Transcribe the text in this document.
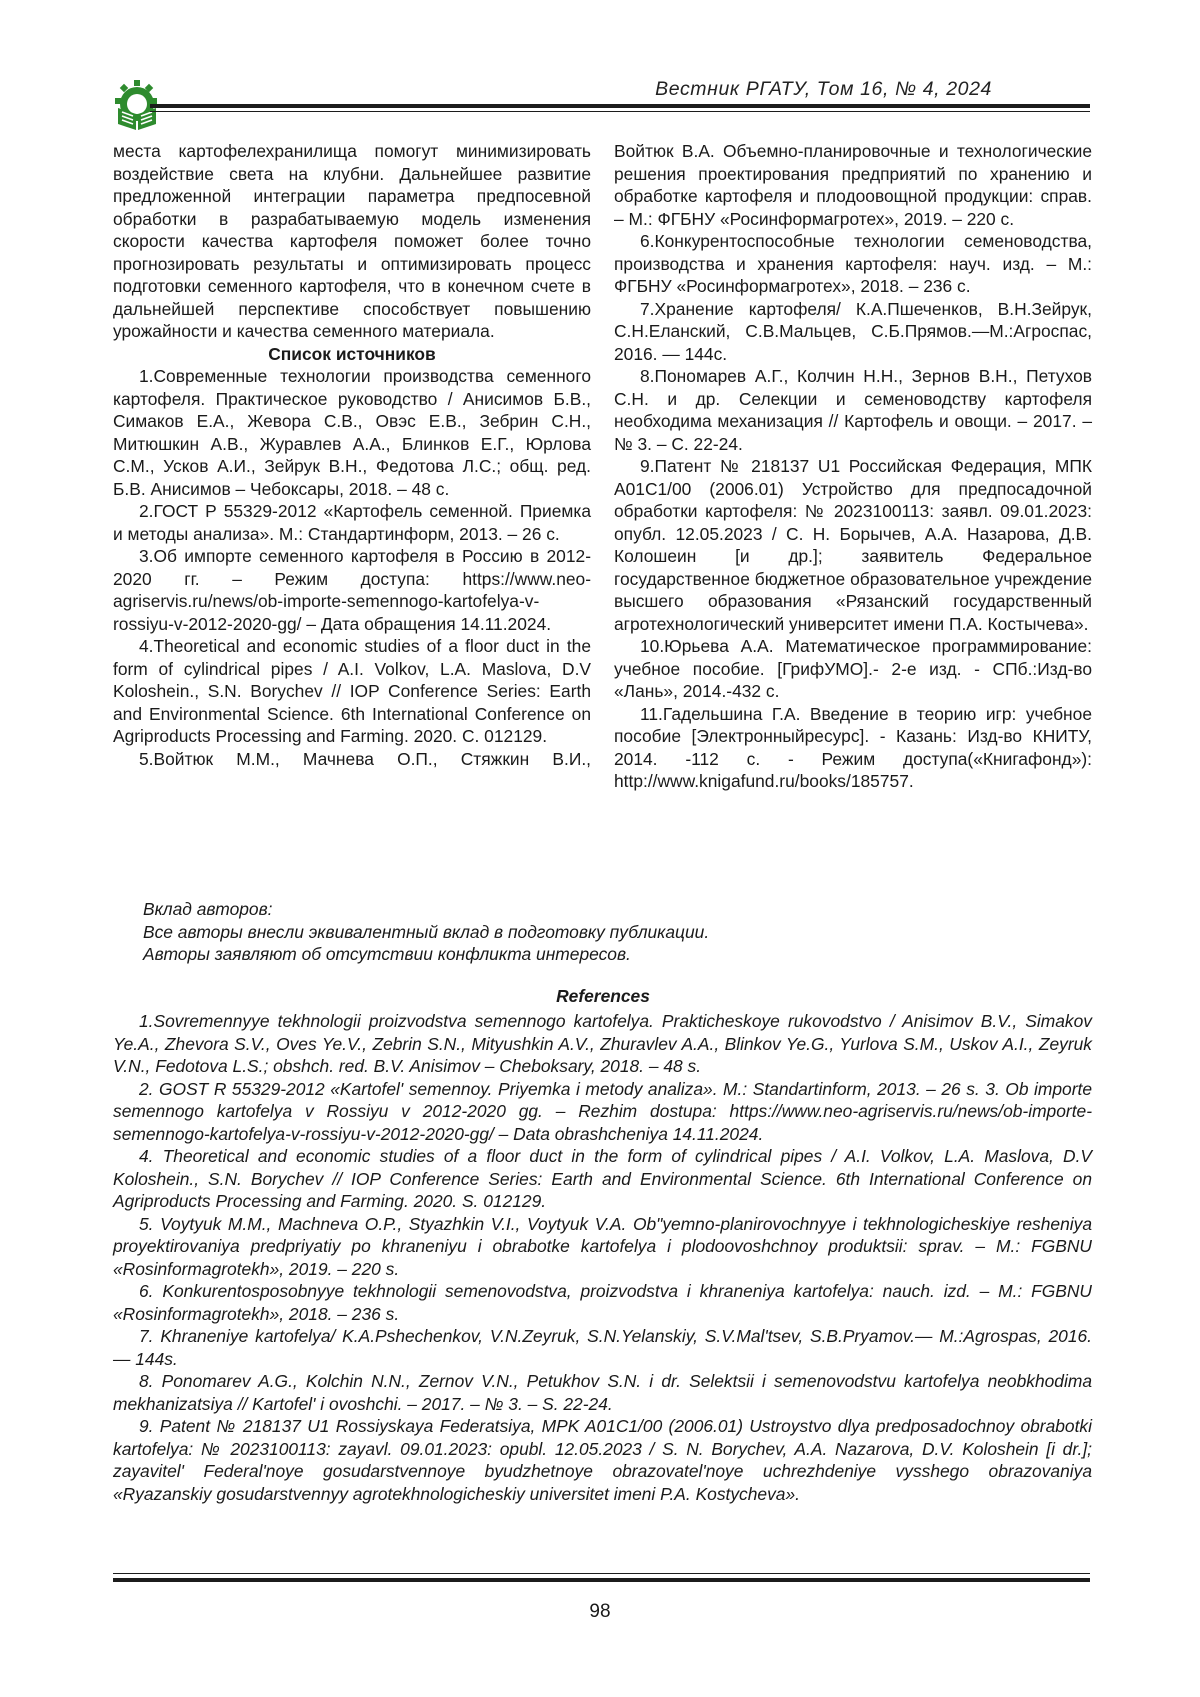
Вестник РГАТУ, Том 16, № 4, 2024

места картофелехранилища помогут минимизировать воздействие света на клубни. Дальнейшее развитие предложенной интеграции параметра предпосевной обработки в разрабатываемую модель изменения скорости качества картофеля поможет более точно прогнозировать результаты и оптимизировать процесс подготовки семенного картофеля, что в конечном счете в дальнейшей перспективе способствует повышению урожайности и качества семенного материала.

Список источников

1.Современные технологии производства семенного картофеля. Практическое руководство / Анисимов Б.В., Симаков Е.А., Жевора С.В., Овэс Е.В., Зебрин С.Н., Митюшкин А.В., Журавлев А.А., Блинков Е.Г., Юрлова С.М., Усков А.И., Зейрук В.Н., Федотова Л.С.; общ. ред. Б.В. Анисимов – Чебоксары, 2018. – 48 с.

2.ГОСТ Р 55329-2012 «Картофель семенной. Приемка и методы анализа». М.: Стандартинформ, 2013. – 26 с.

3.Об импорте семенного картофеля в Россию в 2012-2020 гг. – Режим доступа: https://www.neo-agriservis.ru/news/ob-importe-semennogo-kartofelya-v-rossiyu-v-2012-2020-gg/ – Дата обращения 14.11.2024.

4.Theoretical and economic studies of a floor duct in the form of cylindrical pipes / A.I. Volkov, L.A. Maslova, D.V Koloshein., S.N. Borychev // IOP Conference Series: Earth and Environmental Science. 6th International Conference on Agriproducts Processing and Farming. 2020. С. 012129.

5.Войтюк М.М., Мачнева О.П., Стяжкин В.И.,

Войтюк В.А. Объемно-планировочные и технологические решения проектирования предприятий по хранению и обработке картофеля и плодоовощной продукции: справ. – М.: ФГБНУ «Росинформагротех», 2019. – 220 с.

6.Конкурентоспособные технологии семеноводства, производства и хранения картофеля: науч. изд. – М.: ФГБНУ «Росинформагротех», 2018. – 236 с.

7.Хранение картофеля/ К.А.Пшеченков, В.Н.Зейрук, С.Н.Еланский, С.В.Мальцев, С.Б.Прямов.—М.:Агроспас, 2016. — 144с.

8.Пономарев А.Г., Колчин Н.Н., Зернов В.Н., Петухов С.Н. и др. Селекции и семеноводству картофеля необходима механизация // Картофель и овощи. – 2017. – № 3. – С. 22-24.

9.Патент № 218137 U1 Российская Федерация, МПК A01C1/00 (2006.01) Устройство для предпосадочной обработки картофеля: № 2023100113: заявл. 09.01.2023: опубл. 12.05.2023 / С. Н. Борычев, А.А. Назарова, Д.В. Колошеин [и др.]; заявитель Федеральное государственное бюджетное образовательное учреждение высшего образования «Рязанский государственный агротехнологический университет имени П.А. Костычева».

10.Юрьева А.А. Математическое программирование: учебное пособие. [ГрифУМО].- 2-е изд. - СПб.:Изд-во «Лань», 2014.-432 с.

11.Гадельшина Г.А. Введение в теорию игр: учебное пособие [Электронныйресурс]. - Казань: Изд-во КНИТУ, 2014. -112 с. - Режим доступа(«Книгафонд»): http://www.knigafund.ru/books/185757.

Вклад авторов:

Все авторы внесли эквивалентный вклад в подготовку публикации.

Авторы заявляют об отсутствии конфликта интересов.

References

1.Sovremennyye tekhnologii proizvodstva semennogo kartofelya. Prakticheskoye rukovodstvo / Anisimov B.V., Simakov Ye.A., Zhevora S.V., Oves Ye.V., Zebrin S.N., Mityushkin A.V., Zhuravlev A.A., Blinkov Ye.G., Yurlova S.M., Uskov A.I., Zeyruk V.N., Fedotova L.S.; obshch. red. B.V. Anisimov – Cheboksary, 2018. – 48 s.

2. GOST R 55329-2012 «Kartofel' semennoy. Priyemka i metody analiza». M.: Standartinform, 2013. – 26 s. 3. Ob importe semennogo kartofelya v Rossiyu v 2012-2020 gg. – Rezhim dostupa: https://www.neo-agriservis.ru/news/ob-importe-semennogo-kartofelya-v-rossiyu-v-2012-2020-gg/ – Data obrashcheniya 14.11.2024.

4. Theoretical and economic studies of a floor duct in the form of cylindrical pipes / A.I. Volkov, L.A. Maslova, D.V Koloshein., S.N. Borychev // IOP Conference Series: Earth and Environmental Science. 6th International Conference on Agriproducts Processing and Farming. 2020. S. 012129.

5. Voytyuk M.M., Machneva O.P., Styazhkin V.I., Voytyuk V.A. Ob"yemno-planirovochnyye i tekhnologicheskiye resheniya proyektirovaniya predpriyatiy po khraneniyu i obrabotke kartofelya i plodoovoshchnoy produktsii: sprav. – M.: FGBNU «Rosinformagrotekh», 2019. – 220 s.

6. Konkurentosposobnyye tekhnologii semenovodstva, proizvodstva i khraneniya kartofelya: nauch. izd. – M.: FGBNU «Rosinformagrotekh», 2018. – 236 s.

7. Khraneniye kartofelya/ K.A.Pshechenkov, V.N.Zeyruk, S.N.Yelanskiy, S.V.Mal'tsev, S.B.Pryamov.— M.:Agrospas, 2016. — 144s.

8. Ponomarev A.G., Kolchin N.N., Zernov V.N., Petukhov S.N. i dr. Selektsii i semenovodstvu kartofelya neobkhodima mekhanizatsiya // Kartofel' i ovoshchi. – 2017. – № 3. – S. 22-24.

9. Patent № 218137 U1 Rossiyskaya Federatsiya, MPK A01C1/00 (2006.01) Ustroystvo dlya predposadochnoy obrabotki kartofelya: № 2023100113: zayavl. 09.01.2023: opubl. 12.05.2023 / S. N. Borychev, A.A. Nazarova, D.V. Koloshein [i dr.]; zayavitel' Federal'noye gosudarstvennoye byudzhetnoye obrazovatel'noye uchrezhdeniye vysshego obrazovaniya «Ryazanskiy gosudarstvennyy agrotekhnologicheskiy universitet imeni P.A. Kostycheva».

98
